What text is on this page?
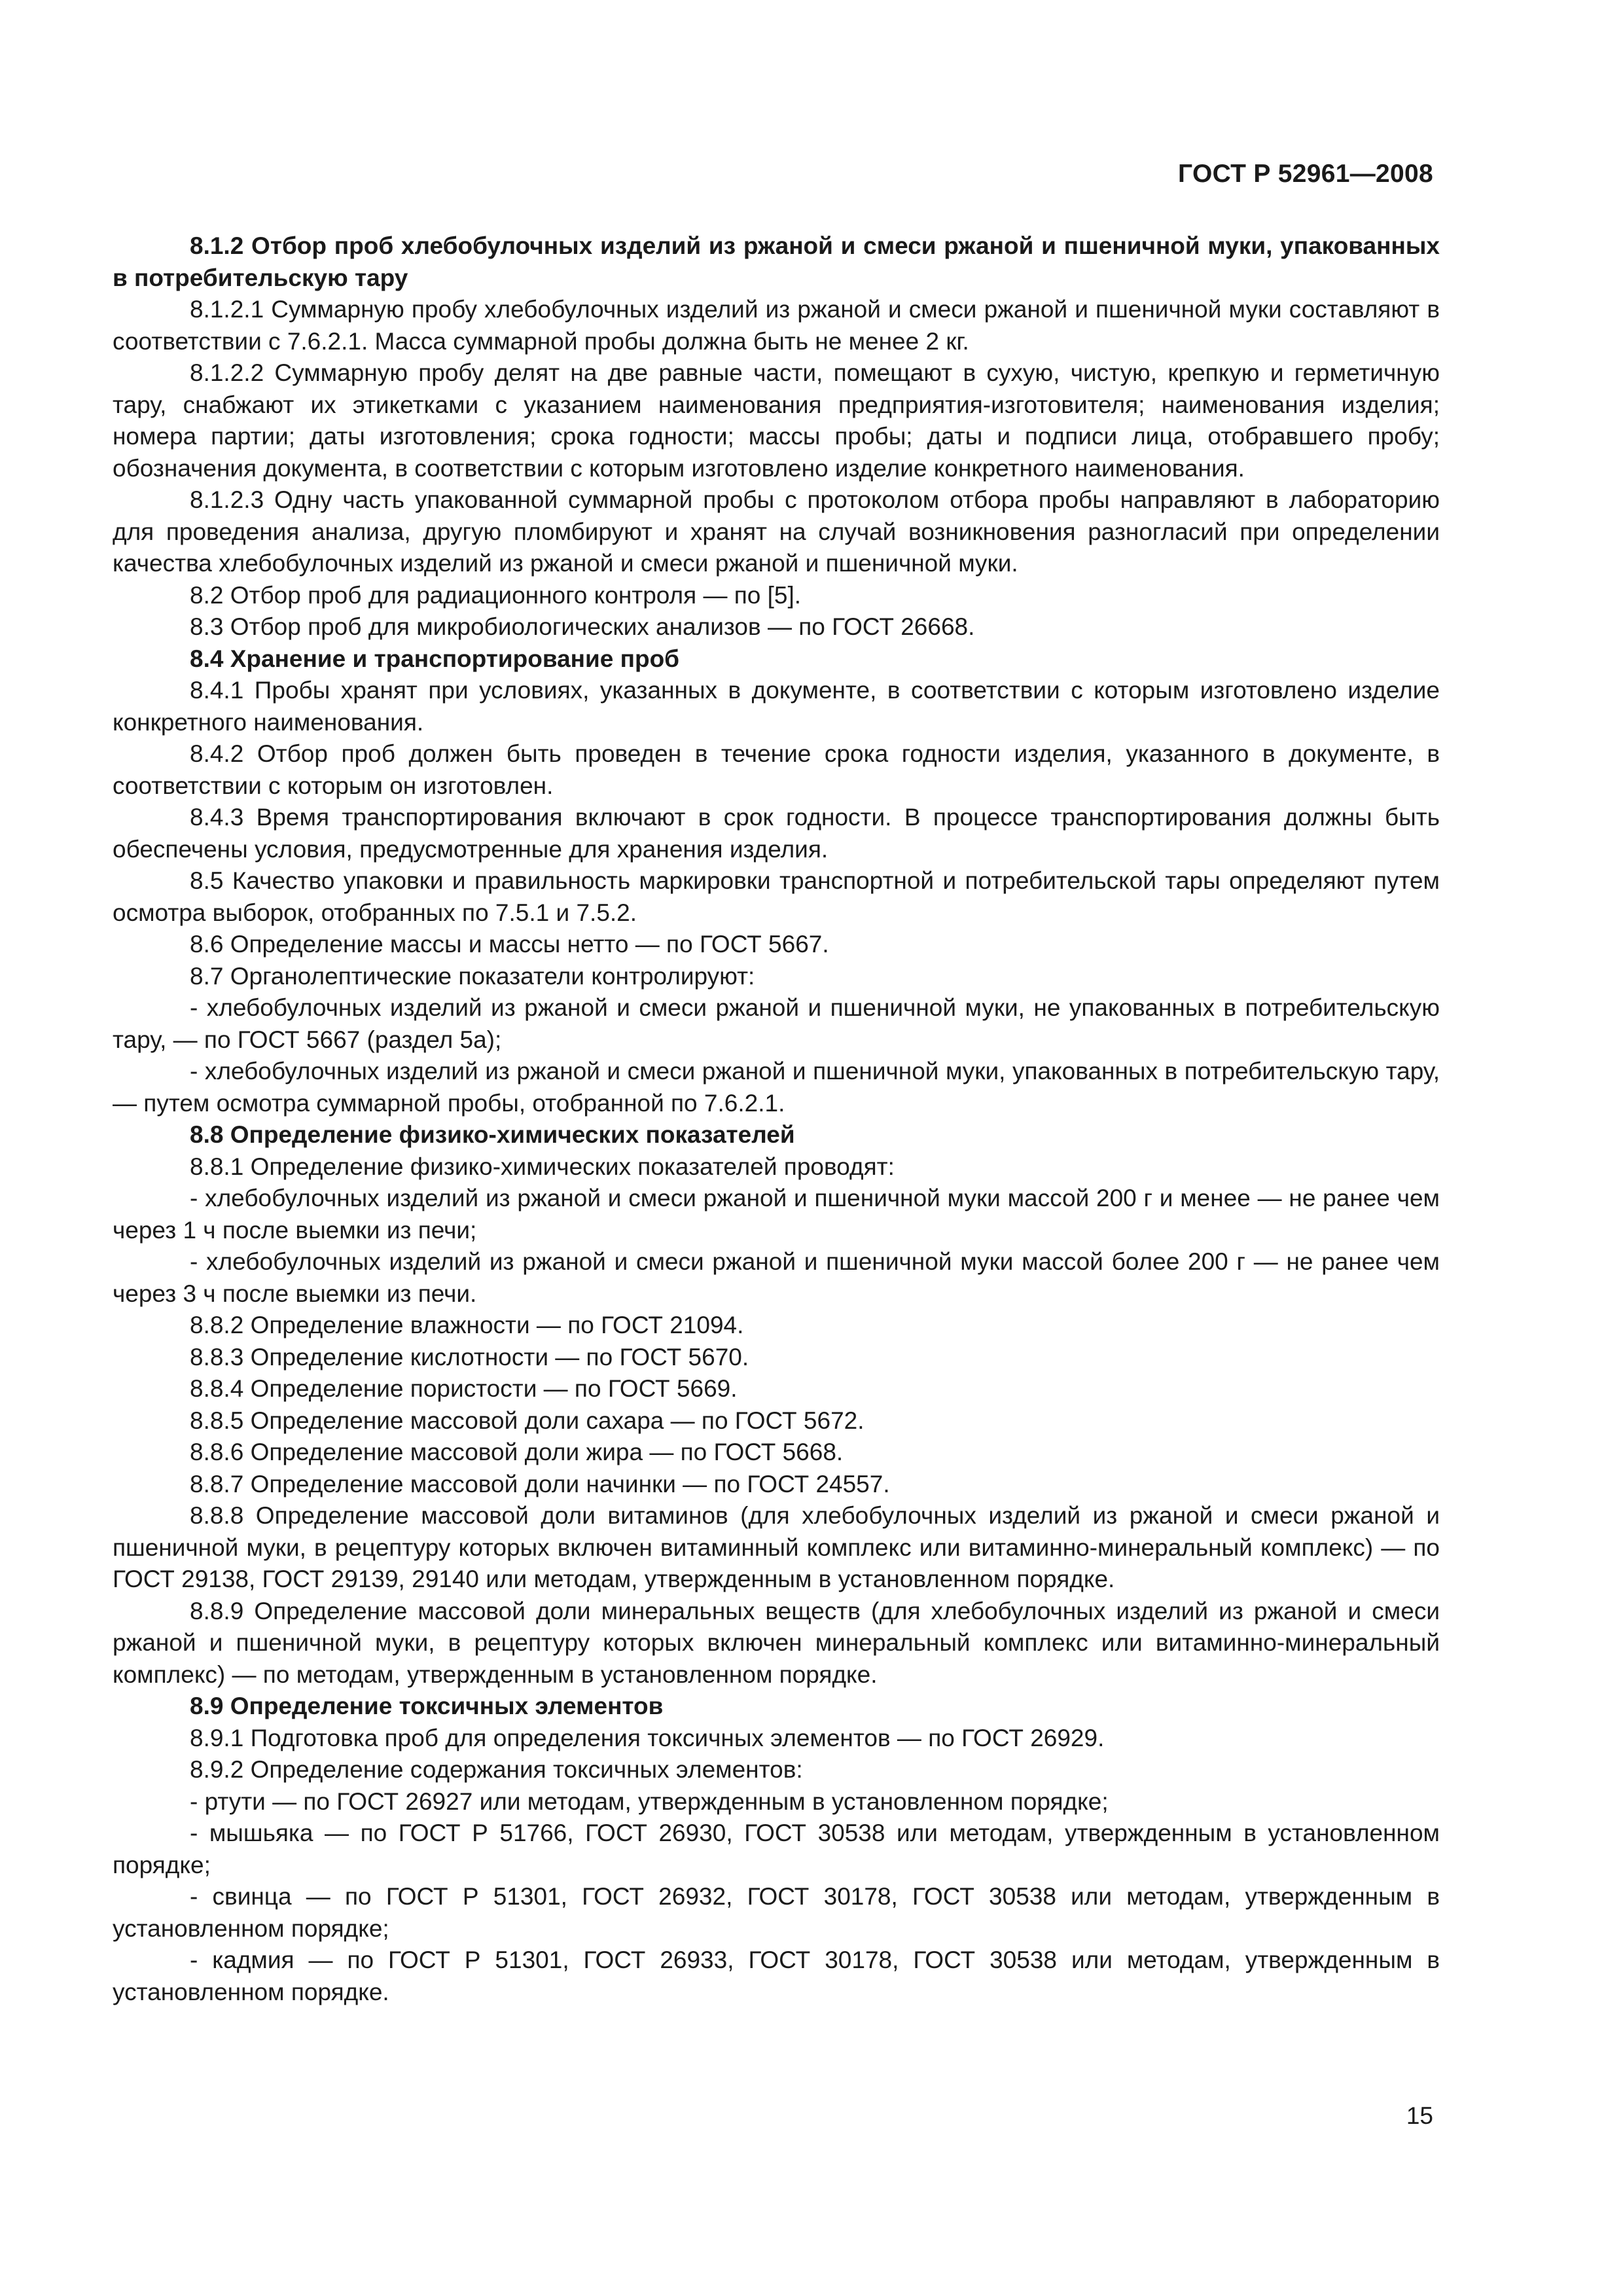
ГОСТ Р 52961—2008

8.1.2 Отбор проб хлебобулочных изделий из ржаной и смеси ржаной и пшеничной муки, упакованных в потребительскую тару

8.1.2.1 Суммарную пробу хлебобулочных изделий из ржаной и смеси ржаной и пшеничной муки составляют в соответствии с 7.6.2.1. Масса суммарной пробы должна быть не менее 2 кг.

8.1.2.2 Суммарную пробу делят на две равные части, помещают в сухую, чистую, крепкую и герметичную тару, снабжают их этикетками с указанием наименования предприятия-изготовителя; наименования изделия; номера партии; даты изготовления; срока годности; массы пробы; даты и подписи лица, отобравшего пробу; обозначения документа, в соответствии с которым изготовлено изделие конкретного наименования.

8.1.2.3 Одну часть упакованной суммарной пробы с протоколом отбора пробы направляют в лабораторию для проведения анализа, другую пломбируют и хранят на случай возникновения разногласий при определении качества хлебобулочных изделий из ржаной и смеси ржаной и пшеничной муки.

8.2 Отбор проб для радиационного контроля — по [5].

8.3 Отбор проб для микробиологических анализов — по ГОСТ 26668.

8.4 Хранение и транспортирование проб

8.4.1 Пробы хранят при условиях, указанных в документе, в соответствии с которым изготовлено изделие конкретного наименования.

8.4.2 Отбор проб должен быть проведен в течение срока годности изделия, указанного в документе, в соответствии с которым он изготовлен.

8.4.3 Время транспортирования включают в срок годности. В процессе транспортирования должны быть обеспечены условия, предусмотренные для хранения изделия.

8.5 Качество упаковки и правильность маркировки транспортной и потребительской тары определяют путем осмотра выборок, отобранных по 7.5.1 и 7.5.2.

8.6 Определение массы и массы нетто — по ГОСТ 5667.

8.7 Органолептические показатели контролируют:

- хлебобулочных изделий из ржаной и смеси ржаной и пшеничной муки, не упакованных в потребительскую тару, — по ГОСТ 5667 (раздел 5а);

- хлебобулочных изделий из ржаной и смеси ржаной и пшеничной муки, упакованных в потребительскую тару, — путем осмотра суммарной пробы, отобранной по 7.6.2.1.

8.8 Определение физико-химических показателей

8.8.1 Определение физико-химических показателей проводят:

- хлебобулочных изделий из ржаной и смеси ржаной и пшеничной муки массой 200 г и менее — не ранее чем через 1 ч после выемки из печи;

- хлебобулочных изделий из ржаной и смеси ржаной и пшеничной муки массой более 200 г — не ранее чем через 3 ч после выемки из печи.

8.8.2 Определение влажности — по ГОСТ 21094.

8.8.3 Определение кислотности — по ГОСТ 5670.

8.8.4 Определение пористости — по ГОСТ 5669.

8.8.5 Определение массовой доли сахара — по ГОСТ 5672.

8.8.6 Определение массовой доли жира — по ГОСТ 5668.

8.8.7 Определение массовой доли начинки — по ГОСТ 24557.

8.8.8 Определение массовой доли витаминов (для хлебобулочных изделий из ржаной и смеси ржаной и пшеничной муки, в рецептуру которых включен витаминный комплекс или витаминно-минеральный комплекс) — по ГОСТ 29138, ГОСТ 29139, 29140 или методам, утвержденным в установленном порядке.

8.8.9 Определение массовой доли минеральных веществ (для хлебобулочных изделий из ржаной и смеси ржаной и пшеничной муки, в рецептуру которых включен минеральный комплекс или витаминно-минеральный комплекс) — по методам, утвержденным в установленном порядке.

8.9 Определение токсичных элементов

8.9.1 Подготовка проб для определения токсичных элементов — по ГОСТ 26929.

8.9.2 Определение содержания токсичных элементов:

- ртути — по ГОСТ 26927 или методам, утвержденным в установленном порядке;

- мышьяка — по ГОСТ Р 51766, ГОСТ 26930, ГОСТ 30538 или методам, утвержденным в установленном порядке;

- свинца — по ГОСТ Р 51301, ГОСТ 26932, ГОСТ 30178, ГОСТ 30538 или методам, утвержденным в установленном порядке;

- кадмия — по ГОСТ Р 51301, ГОСТ 26933, ГОСТ 30178, ГОСТ 30538 или методам, утвержденным в установленном порядке.

15
